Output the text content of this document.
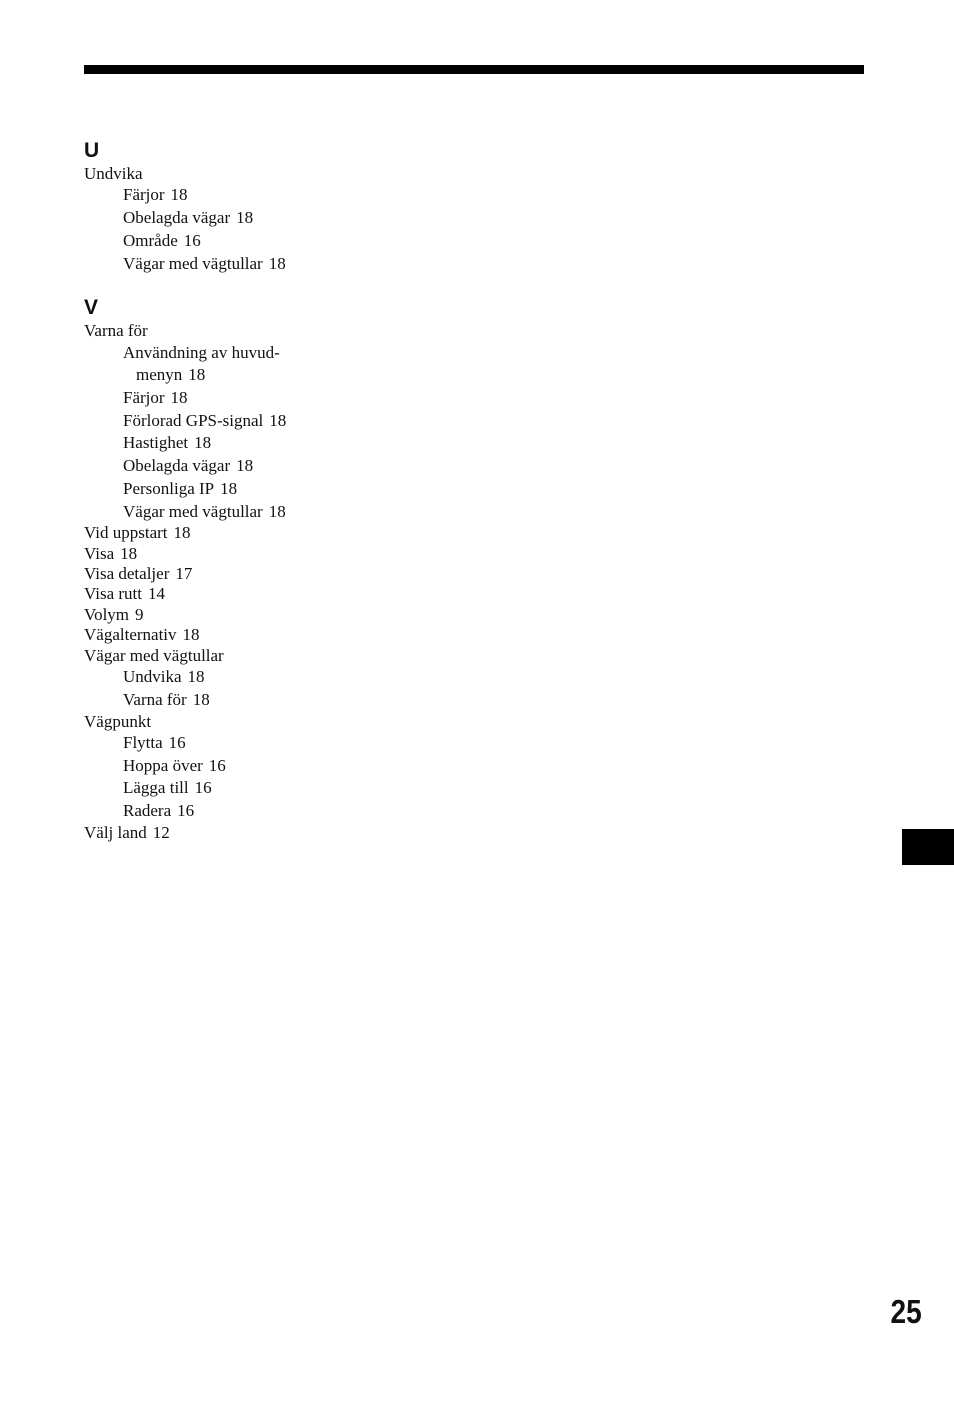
U
Undvika
Färjor 18
Obelagda vägar 18
Område 16
Vägar med vägtullar 18
V
Varna för
Användning av huvud-
menyn 18
Färjor 18
Förlorad GPS-signal 18
Hastighet 18
Obelagda vägar 18
Personliga IP 18
Vägar med vägtullar 18
Vid uppstart 18
Visa 18
Visa detaljer 17
Visa rutt 14
Volym 9
Vägalternativ 18
Vägar med vägtullar
Undvika 18
Varna för 18
Vägpunkt
Flytta 16
Hoppa över 16
Lägga till 16
Radera 16
Välj land 12
25
